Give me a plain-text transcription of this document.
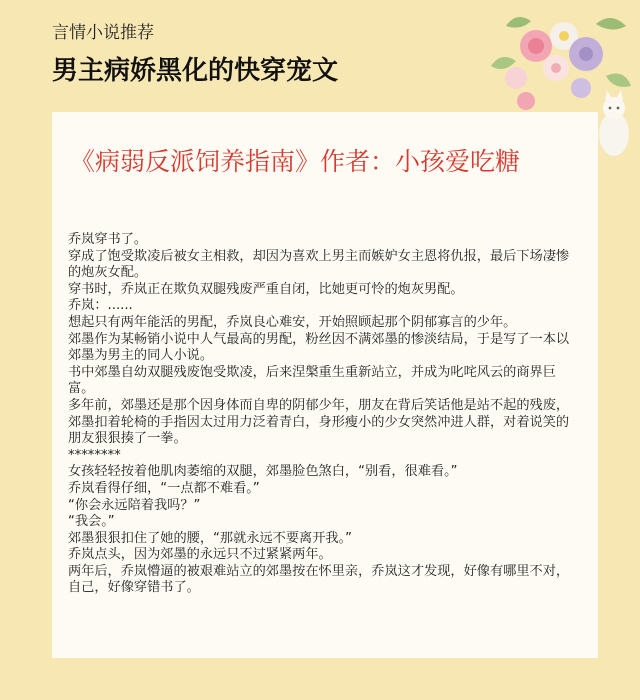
言情小说推荐
男主病娇黑化的快穿宠文
《病弱反派饲养指南》作者：小孩爱吃糖

乔岚穿书了。

穿成了饱受欺凌后被女主相救，却因为喜欢上男主而嫉妒女主恩将仇报，最后下场凄惨的炮灰女配。

穿书时，乔岚正在欺负双腿残废严重自闭，比她更可怜的炮灰男配。

乔岚：......

想起只有两年能活的男配，乔岚良心难安，开始照顾起那个阴郁寡言的少年。

郊墨作为某畅销小说中人气最高的男配，粉丝因不满郊墨的惨淡结局，于是写了一本以郊墨为男主的同人小说。

书中郊墨自幼双腿残废饱受欺凌，后来涅槃重生重新站立，并成为叱咤风云的商界巨富。

多年前，郊墨还是那个因身体而自卑的阴郁少年，朋友在背后笑话他是站不起的残废，

郊墨扣着轮椅的手指因太过用力泛着青白，身形瘦小的少女突然冲进人群，对着说笑的朋友狠狠揍了一拳。

********

女孩轻轻按着他肌肉萎缩的双腿，郊墨脸色煞白，“别看，很难看。”

乔岚看得仔细，“一点都不难看。”

“你会永远陪着我吗？”

“我会。”

郊墨狠狠扣住了她的腰，“那就永远不要离开我。”

乔岚点头，因为郊墨的永远只不过紧紧两年。

两年后，乔岚懵逼的被艰难站立的郊墨按在怀里亲，乔岚这才发现，好像有哪里不对，

自己，好像穿错书了。
